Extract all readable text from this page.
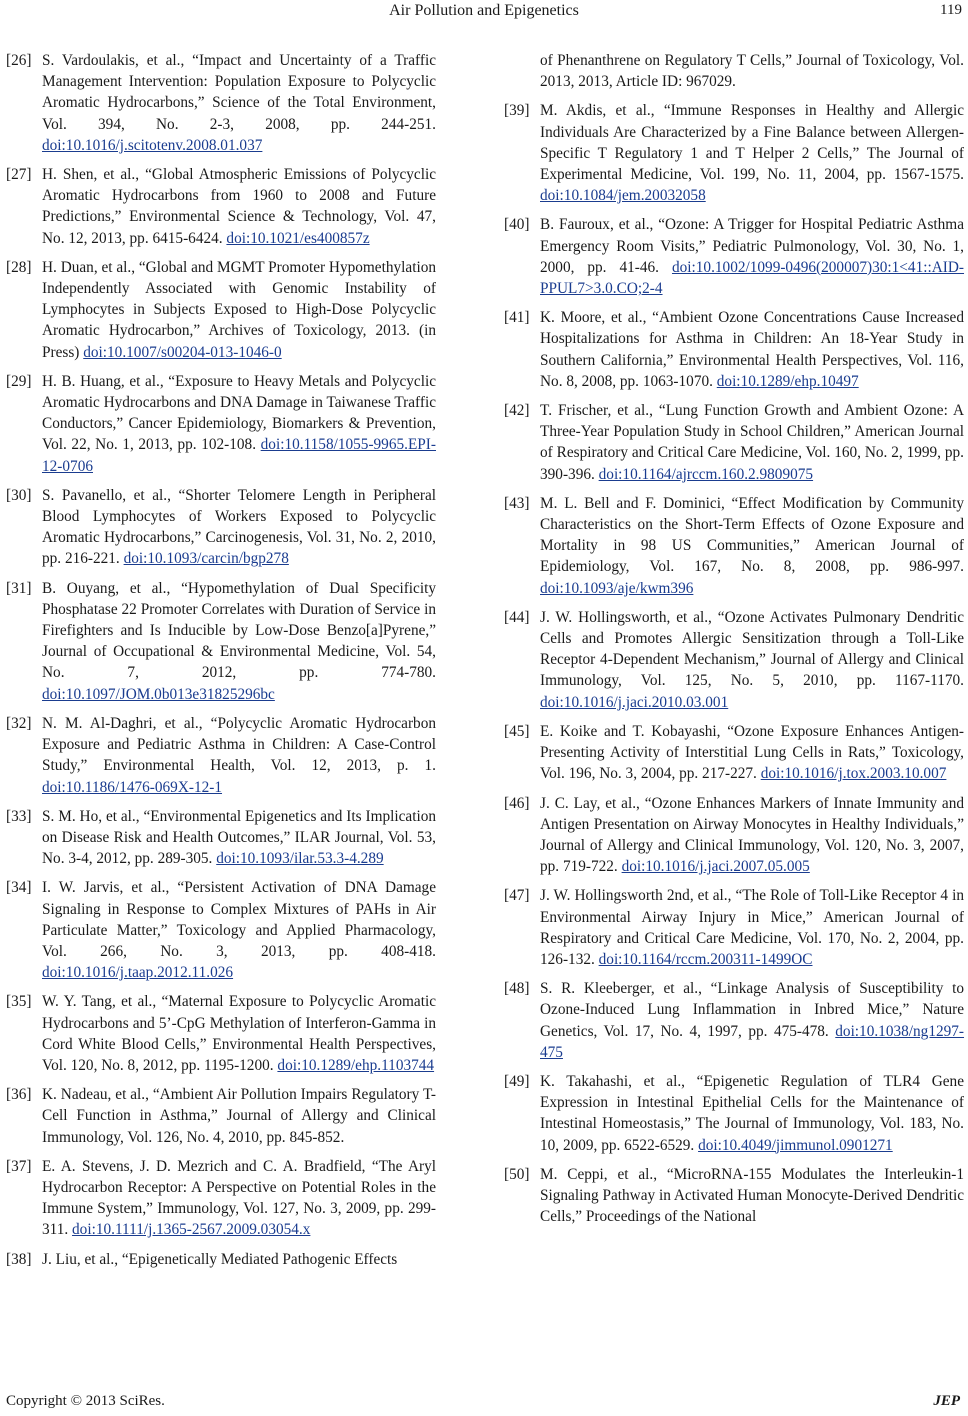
Air Pollution and Epigenetics	119
[26] S. Vardoulakis, et al., “Impact and Uncertainty of a Traffic Management Intervention: Population Exposure to Polycyclic Aromatic Hydrocarbons,” Science of the Total Environment, Vol. 394, No. 2-3, 2008, pp. 244-251. doi:10.1016/j.scitotenv.2008.01.037
[27] H. Shen, et al., “Global Atmospheric Emissions of Polycyclic Aromatic Hydrocarbons from 1960 to 2008 and Future Predictions,” Environmental Science & Technology, Vol. 47, No. 12, 2013, pp. 6415-6424. doi:10.1021/es400857z
[28] H. Duan, et al., “Global and MGMT Promoter Hypomethylation Independently Associated with Genomic Instability of Lymphocytes in Subjects Exposed to High-Dose Polycyclic Aromatic Hydrocarbon,” Archives of Toxicology, 2013. (in Press) doi:10.1007/s00204-013-1046-0
[29] H. B. Huang, et al., “Exposure to Heavy Metals and Polycyclic Aromatic Hydrocarbons and DNA Damage in Taiwanese Traffic Conductors,” Cancer Epidemiology, Biomarkers & Prevention, Vol. 22, No. 1, 2013, pp. 102-108. doi:10.1158/1055-9965.EPI-12-0706
[30] S. Pavanello, et al., “Shorter Telomere Length in Peripheral Blood Lymphocytes of Workers Exposed to Polycyclic Aromatic Hydrocarbons,” Carcinogenesis, Vol. 31, No. 2, 2010, pp. 216-221. doi:10.1093/carcin/bgp278
[31] B. Ouyang, et al., “Hypomethylation of Dual Specificity Phosphatase 22 Promoter Correlates with Duration of Service in Firefighters and Is Inducible by Low-Dose Benzo[a]Pyrene,” Journal of Occupational & Environmental Medicine, Vol. 54, No. 7, 2012, pp. 774-780. doi:10.1097/JOM.0b013e31825296bc
[32] N. M. Al-Daghri, et al., “Polycyclic Aromatic Hydrocarbon Exposure and Pediatric Asthma in Children: A Case-Control Study,” Environmental Health, Vol. 12, 2013, p. 1. doi:10.1186/1476-069X-12-1
[33] S. M. Ho, et al., “Environmental Epigenetics and Its Implication on Disease Risk and Health Outcomes,” ILAR Journal, Vol. 53, No. 3-4, 2012, pp. 289-305. doi:10.1093/ilar.53.3-4.289
[34] I. W. Jarvis, et al., “Persistent Activation of DNA Damage Signaling in Response to Complex Mixtures of PAHs in Air Particulate Matter,” Toxicology and Applied Pharmacology, Vol. 266, No. 3, 2013, pp. 408-418. doi:10.1016/j.taap.2012.11.026
[35] W. Y. Tang, et al., “Maternal Exposure to Polycyclic Aromatic Hydrocarbons and 5’-CpG Methylation of Interferon-Gamma in Cord White Blood Cells,” Environmental Health Perspectives, Vol. 120, No. 8, 2012, pp. 1195-1200. doi:10.1289/ehp.1103744
[36] K. Nadeau, et al., “Ambient Air Pollution Impairs Regulatory T-Cell Function in Asthma,” Journal of Allergy and Clinical Immunology, Vol. 126, No. 4, 2010, pp. 845-852.
[37] E. A. Stevens, J. D. Mezrich and C. A. Bradfield, “The Aryl Hydrocarbon Receptor: A Perspective on Potential Roles in the Immune System,” Immunology, Vol. 127, No. 3, 2009, pp. 299-311. doi:10.1111/j.1365-2567.2009.03054.x
[38] J. Liu, et al., “Epigenetically Mediated Pathogenic Effects
of Phenanthrene on Regulatory T Cells,” Journal of Toxicology, Vol. 2013, 2013, Article ID: 967029.
[39] M. Akdis, et al., “Immune Responses in Healthy and Allergic Individuals Are Characterized by a Fine Balance between Allergen-Specific T Regulatory 1 and T Helper 2 Cells,” The Journal of Experimental Medicine, Vol. 199, No. 11, 2004, pp. 1567-1575. doi:10.1084/jem.20032058
[40] B. Fauroux, et al., “Ozone: A Trigger for Hospital Pediatric Asthma Emergency Room Visits,” Pediatric Pulmonology, Vol. 30, No. 1, 2000, pp. 41-46. doi:10.1002/1099-0496(200007)30:1<41::AID-PPUL7>3.0.CO;2-4
[41] K. Moore, et al., “Ambient Ozone Concentrations Cause Increased Hospitalizations for Asthma in Children: An 18-Year Study in Southern California,” Environmental Health Perspectives, Vol. 116, No. 8, 2008, pp. 1063-1070. doi:10.1289/ehp.10497
[42] T. Frischer, et al., “Lung Function Growth and Ambient Ozone: A Three-Year Population Study in School Children,” American Journal of Respiratory and Critical Care Medicine, Vol. 160, No. 2, 1999, pp. 390-396. doi:10.1164/ajrccm.160.2.9809075
[43] M. L. Bell and F. Dominici, “Effect Modification by Community Characteristics on the Short-Term Effects of Ozone Exposure and Mortality in 98 US Communities,” American Journal of Epidemiology, Vol. 167, No. 8, 2008, pp. 986-997. doi:10.1093/aje/kwm396
[44] J. W. Hollingsworth, et al., “Ozone Activates Pulmonary Dendritic Cells and Promotes Allergic Sensitization through a Toll-Like Receptor 4-Dependent Mechanism,” Journal of Allergy and Clinical Immunology, Vol. 125, No. 5, 2010, pp. 1167-1170. doi:10.1016/j.jaci.2010.03.001
[45] E. Koike and T. Kobayashi, “Ozone Exposure Enhances Antigen-Presenting Activity of Interstitial Lung Cells in Rats,” Toxicology, Vol. 196, No. 3, 2004, pp. 217-227. doi:10.1016/j.tox.2003.10.007
[46] J. C. Lay, et al., “Ozone Enhances Markers of Innate Immunity and Antigen Presentation on Airway Monocytes in Healthy Individuals,” Journal of Allergy and Clinical Immunology, Vol. 120, No. 3, 2007, pp. 719-722. doi:10.1016/j.jaci.2007.05.005
[47] J. W. Hollingsworth 2nd, et al., “The Role of Toll-Like Receptor 4 in Environmental Airway Injury in Mice,” American Journal of Respiratory and Critical Care Medicine, Vol. 170, No. 2, 2004, pp. 126-132. doi:10.1164/rccm.200311-1499OC
[48] S. R. Kleeberger, et al., “Linkage Analysis of Susceptibility to Ozone-Induced Lung Inflammation in Inbred Mice,” Nature Genetics, Vol. 17, No. 4, 1997, pp. 475-478. doi:10.1038/ng1297-475
[49] K. Takahashi, et al., “Epigenetic Regulation of TLR4 Gene Expression in Intestinal Epithelial Cells for the Maintenance of Intestinal Homeostasis,” The Journal of Immunology, Vol. 183, No. 10, 2009, pp. 6522-6529. doi:10.4049/jimmunol.0901271
[50] M. Ceppi, et al., “MicroRNA-155 Modulates the Interleukin-1 Signaling Pathway in Activated Human Monocyte-Derived Dendritic Cells,” Proceedings of the National
Copyright © 2013 SciRes.	JEP
